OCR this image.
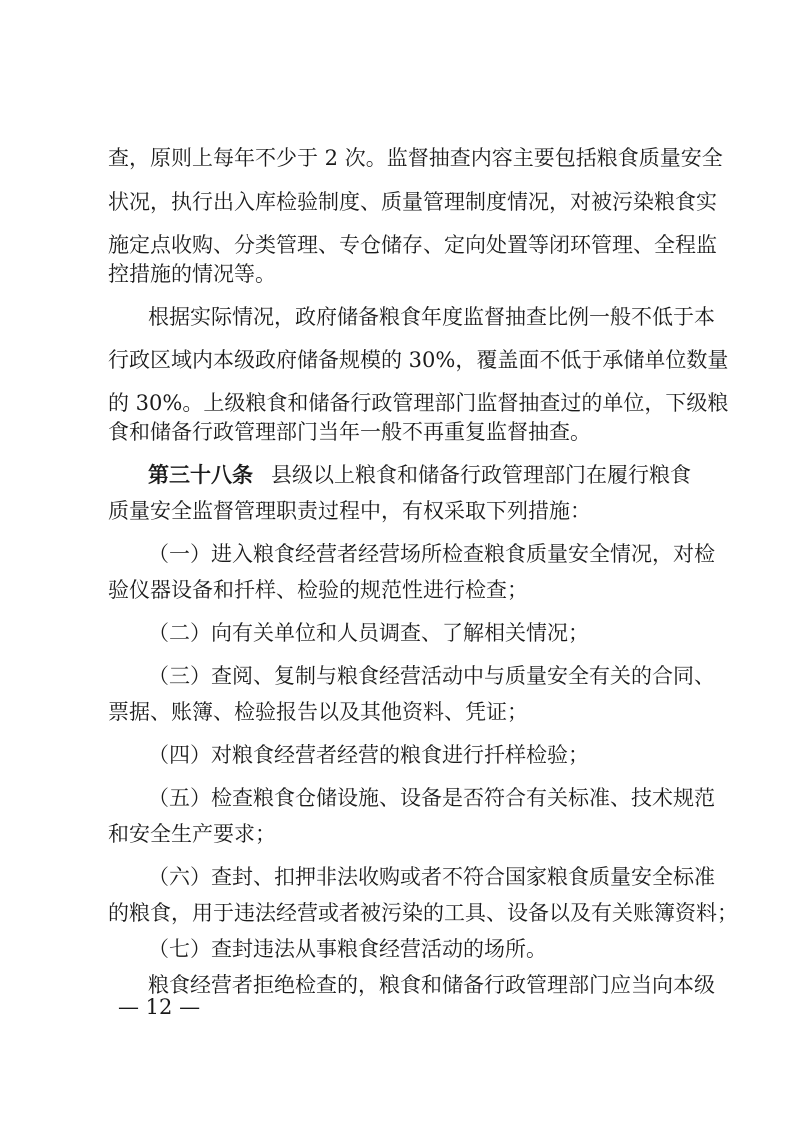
查，原则上每年不少于 2 次。监督抽查内容主要包括粮食质量安全
状况，执行出入库检验制度、质量管理制度情况，对被污染粮食实
施定点收购、分类管理、专仓储存、定向处置等闭环管理、全程监
控措施的情况等。
根据实际情况，政府储备粮食年度监督抽查比例一般不低于本
行政区域内本级政府储备规模的 30%，覆盖面不低于承储单位数量
的 30%。上级粮食和储备行政管理部门监督抽查过的单位，下级粮
食和储备行政管理部门当年一般不再重复监督抽查。
第三十八条 县级以上粮食和储备行政管理部门在履行粮食
质量安全监督管理职责过程中，有权采取下列措施：
（一）进入粮食经营者经营场所检查粮食质量安全情况，对检
验仪器设备和扦样、检验的规范性进行检查；
（二）向有关单位和人员调查、了解相关情况；
（三）查阅、复制与粮食经营活动中与质量安全有关的合同、
票据、账簿、检验报告以及其他资料、凭证；
（四）对粮食经营者经营的粮食进行扦样检验；
（五）检查粮食仓储设施、设备是否符合有关标准、技术规范
和安全生产要求；
（六）查封、扣押非法收购或者不符合国家粮食质量安全标准
的粮食，用于违法经营或者被污染的工具、设备以及有关账簿资料；
（七）查封违法从事粮食经营活动的场所。
粮食经营者拒绝检查的，粮食和储备行政管理部门应当向本级
— 12 —
